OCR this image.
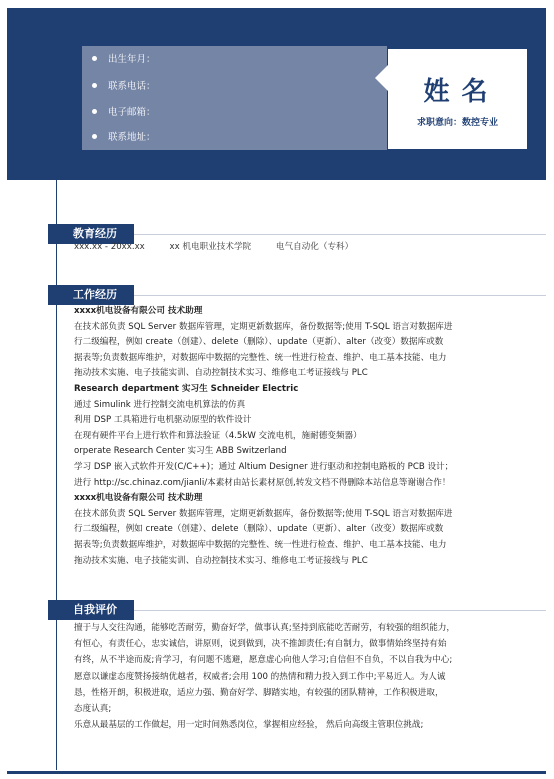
出生年月：
联系电话：
电子邮箱：
联系地址：
姓名
求职意向：数控专业
教育经历
xxx.xx - 20xx.xx	xx 机电职业技术学院	电气自动化（专科）
工作经历
xxxx机电设备有限公司 技术助理
在技术部负责 SQL Server 数据库管理，定期更新数据库，备份数据等;使用 T-SQL 语言对数据库进
行二级编程，例如 create（创建）、delete（删除）、update（更新）、alter（改变）数据库或数
据表等;负责数据库维护，对数据库中数据的完整性、统一性进行检查、维护、电工基本技能、电力
拖动技术实施、电子技能实训、自动控制技术实习、维修电工考证接线与 PLC
Research department 实习生 Schneider Electric
通过 Simulink 进行控制交流电机算法的仿真
利用 DSP 工具箱进行电机驱动原型的软件设计
在现有硬件平台上进行软件和算法验证（4.5kW 交流电机，施耐德变频器）
orperate Research Center 实习生 ABB Switzerland
学习 DSP 嵌入式软件开发(C/C++)；通过 Altium Designer 进行驱动和控制电路板的 PCB 设计；
进行 http://sc.chinaz.com/jianli/本素材由站长素材原创,转发文档不得删除本站信息等谢谢合作！
xxxx机电设备有限公司 技术助理
在技术部负责 SQL Server 数据库管理，定期更新数据库，备份数据等;使用 T-SQL 语言对数据库进
行二级编程，例如 create（创建）、delete（删除）、update（更新）、alter（改变）数据库或数
据表等;负责数据库维护，对数据库中数据的完整性、统一性进行检查、维护、电工基本技能、电力
拖动技术实施、电子技能实训、自动控制技术实习、维修电工考证接线与 PLC
自我评价
擅于与人交往沟通，能够吃苦耐劳，勤奋好学，做事认真;坚持到底能吃苦耐劳，有较强的组织能力，
有恒心，有责任心，忠实诚信，讲原则，说到做到，决不推卸责任;有自制力，做事情始终坚持有始
有终，从不半途而废;肯学习，有问题不逃避，愿意虚心向他人学习;自信但不自负，不以自我为中心;
愿意以谦虚态度赞扬接纳优越者，权威者;会用 100 的热情和精力投入到工作中;平易近人。为人诚
恳，性格开朗，积极进取，适应力强、勤奋好学、脚踏实地，有较强的团队精神，工作积极进取，
态度认真;
乐意从最基层的工作做起，用一定时间熟悉岗位，掌握相应经验， 然后向高级主管职位挑战;
